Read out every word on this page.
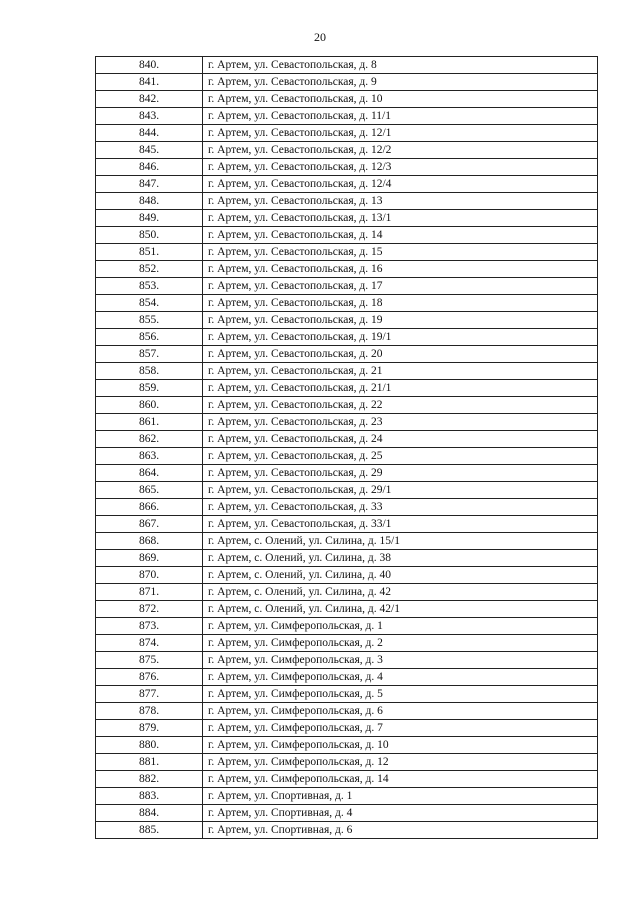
20
840.	г. Артем, ул. Севастопольская, д. 8
841.	г. Артем, ул. Севастопольская, д. 9
842.	г. Артем, ул. Севастопольская, д. 10
843.	г. Артем, ул. Севастопольская, д. 11/1
844.	г. Артем, ул. Севастопольская, д. 12/1
845.	г. Артем, ул. Севастопольская, д. 12/2
846.	г. Артем, ул. Севастопольская, д. 12/3
847.	г. Артем, ул. Севастопольская, д. 12/4
848.	г. Артем, ул. Севастопольская, д. 13
849.	г. Артем, ул. Севастопольская, д. 13/1
850.	г. Артем, ул. Севастопольская, д. 14
851.	г. Артем, ул. Севастопольская, д. 15
852.	г. Артем, ул. Севастопольская, д. 16
853.	г. Артем, ул. Севастопольская, д. 17
854.	г. Артем, ул. Севастопольская, д. 18
855.	г. Артем, ул. Севастопольская, д. 19
856.	г. Артем, ул. Севастопольская, д. 19/1
857.	г. Артем, ул. Севастопольская, д. 20
858.	г. Артем, ул. Севастопольская, д. 21
859.	г. Артем, ул. Севастопольская, д. 21/1
860.	г. Артем, ул. Севастопольская, д. 22
861.	г. Артем, ул. Севастопольская, д. 23
862.	г. Артем, ул. Севастопольская, д. 24
863.	г. Артем, ул. Севастопольская, д. 25
864.	г. Артем, ул. Севастопольская, д. 29
865.	г. Артем, ул. Севастопольская, д. 29/1
866.	г. Артем, ул. Севастопольская, д. 33
867.	г. Артем, ул. Севастопольская, д. 33/1
868.	г. Артем, с. Олений, ул. Силина, д. 15/1
869.	г. Артем, с. Олений, ул. Силина, д. 38
870.	г. Артем, с. Олений, ул. Силина, д. 40
871.	г. Артем, с. Олений, ул. Силина, д. 42
872.	г. Артем, с. Олений, ул. Силина, д. 42/1
873.	г. Артем, ул. Симферопольская, д. 1
874.	г. Артем, ул. Симферопольская, д. 2
875.	г. Артем, ул. Симферопольская, д. 3
876.	г. Артем, ул. Симферопольская, д. 4
877.	г. Артем, ул. Симферопольская, д. 5
878.	г. Артем, ул. Симферопольская, д. 6
879.	г. Артем, ул. Симферопольская, д. 7
880.	г. Артем, ул. Симферопольская, д. 10
881.	г. Артем, ул. Симферопольская, д. 12
882.	г. Артем, ул. Симферопольская, д. 14
883.	г. Артем, ул. Спортивная, д. 1
884.	г. Артем, ул. Спортивная, д. 4
885.	г. Артем, ул. Спортивная, д. 6
